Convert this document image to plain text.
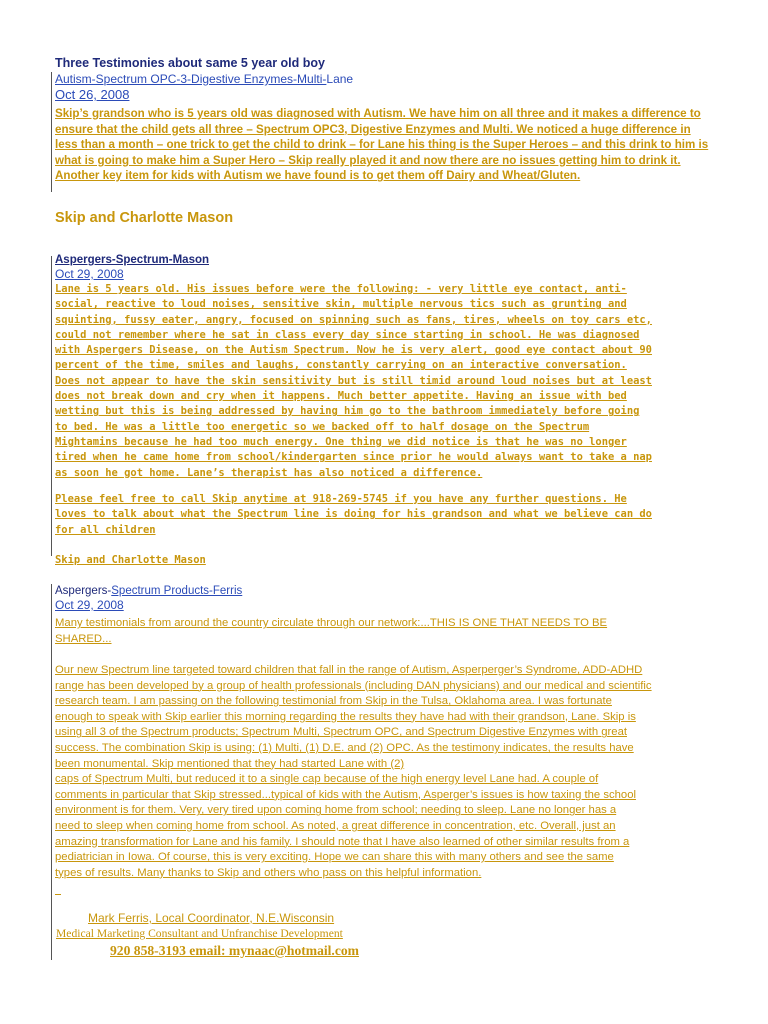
Three Testimonies about same 5 year old boy
Autism-Spectrum OPC-3-Digestive Enzymes-Multi-Lane
Oct 26, 2008
Skip’s grandson who is 5 years old was diagnosed with Autism. We have him on all three and it makes a difference to
ensure that the child gets all three – Spectrum OPC3, Digestive Enzymes and Multi. We noticed a huge difference in
less than a month – one trick to get the child to drink – for Lane his thing is the Super Heroes – and this drink to him is
what is going to make him a Super Hero – Skip really played it and now there are no issues getting him to drink it.
Another key item for kids with Autism we have found is to get them off Dairy and Wheat/Gluten.
Skip and Charlotte Mason
Aspergers-Spectrum-Mason
Oct 29, 2008
Lane is 5 years old. His issues before were the following: - very little eye contact, anti-
social, reactive to loud noises, sensitive skin, multiple nervous tics such as grunting and
squinting, fussy eater, angry, focused on spinning such as fans, tires, wheels on toy cars etc,
could not remember where he sat in class every day since starting in school. He was diagnosed
with Aspergers Disease, on the Autism Spectrum. Now he is very alert, good eye contact about 90
percent of the time, smiles and laughs, constantly carrying on an interactive conversation.
Does not appear to have the skin sensitivity but is still timid around loud noises but at least
does not break down and cry when it happens. Much better appetite. Having an issue with bed
wetting but this is being addressed by having him go to the bathroom immediately before going
to bed. He was a little too energetic so we backed off to half dosage on the Spectrum
Mightamins because he had too much energy. One thing we did notice is that he was no longer
tired when he came home from school/kindergarten since prior he would always want to take a nap
as soon he got home. Lane’s therapist has also noticed a difference.
Please feel free to call Skip anytime at 918-269-5745 if you have any further questions. He
loves to talk about what the Spectrum line is doing for his grandson and what we believe can do
for all children
Skip and Charlotte Mason
Aspergers-Spectrum Products-Ferris
Oct 29, 2008
Many testimonials from around the country circulate through our network:...THIS IS ONE THAT NEEDS TO BE
SHARED...
Our new Spectrum line targeted toward children that fall in the range of Autism, Asperperger’s Syndrome, ADD-ADHD
range has been developed by a group of health professionals (including DAN physicians) and our medical and scientific
research team. I am passing on the following testimonial from Skip in the Tulsa, Oklahoma area. I was fortunate
enough to speak with Skip earlier this morning regarding the results they have had with their grandson, Lane. Skip is
using all 3 of the Spectrum products; Spectrum Multi, Spectrum OPC, and Spectrum Digestive Enzymes with great
success. The combination Skip is using: (1) Multi, (1) D.E. and (2) OPC. As the testimony indicates, the results have
been monumental. Skip mentioned that they had started Lane with (2)
caps of Spectrum Multi, but reduced it to a single cap because of the high energy level Lane had. A couple of
comments in particular that Skip stressed...typical of kids with the Autism, Asperger’s issues is how taxing the school
environment is for them. Very, very tired upon coming home from school; needing to sleep. Lane no longer has a
need to sleep when coming home from school. As noted, a great difference in concentration, etc. Overall, just an
amazing transformation for Lane and his family. I should note that I have also learned of other similar results from a
pediatrician in Iowa. Of course, this is very exciting. Hope we can share this with many others and see the same
types of results. Many thanks to Skip and others who pass on this helpful information.
Mark Ferris, Local Coordinator, N.E.Wisconsin
Medical Marketing Consultant and Unfranchise Development
920 858-3193 email: mynaac@hotmail.com
